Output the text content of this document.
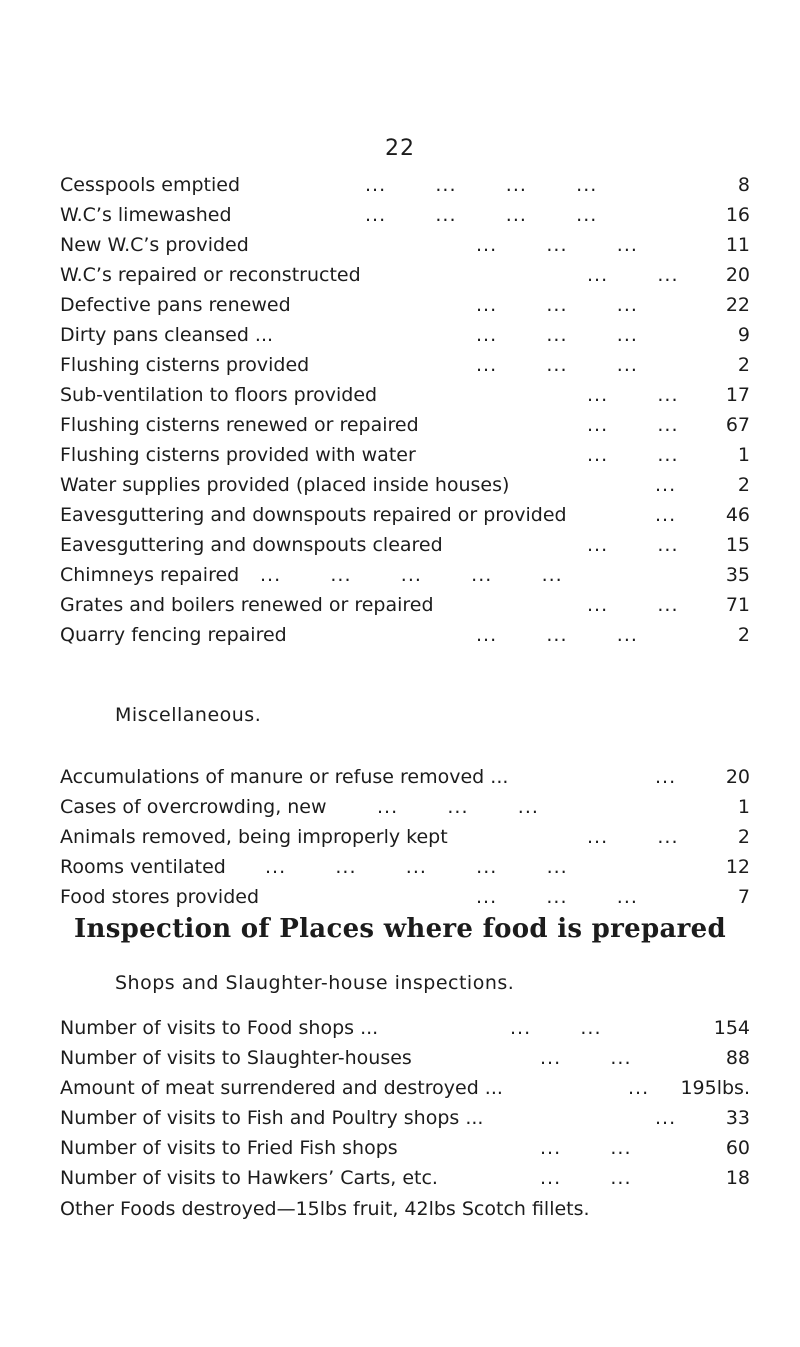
22
Cesspools emptied	...       ...       ...       ...	8
W.C’s limewashed	...       ...       ...       ...	16
New W.C’s provided	...       ...       ...	11
W.C’s repaired or reconstructed	...       ... 20
Defective pans renewed	...       ...       ...	22
Dirty pans cleansed ...	...       ...       ...	9
Flushing cisterns provided	...       ...       ...	2
Sub-ventilation to floors provided	...       ... 17
Flushing cisterns renewed or repaired	...       ... 67
Flushing cisterns provided with water	...       ...	1
Water supplies provided (placed inside houses)	...	2
Eavesguttering and downspouts repaired or provided	...	46
Eavesguttering and downspouts cleared	...       ... 15
Chimneys repaired ...       ...       ...       ...       ...	35
Grates and boilers renewed or repaired	...       ... 71
Quarry fencing repaired	...       ...       ...	2
Miscellaneous.
Accumulations of manure or refuse removed ...	...	20
Cases of overcrowding, new	...       ...       ...	1
Animals removed, being improperly kept	...       ...	2
Rooms ventilated ...       ...       ...       ...       ...	12
Food stores provided	...       ...       ...	7
Inspection of Places where food is prepared
Shops and Slaughter-house inspections.
Number of visits to Food shops ...	...       ...	154
Number of visits to Slaughter-houses	...       ...	88
Amount of meat surrendered and destroyed ...	... 195lbs.
Number of visits to Fish and Poultry shops ...	...	33
Number of visits to Fried Fish shops	...       ...	60
Number of visits to Hawkers’ Carts, etc.	...       ...	18
Other Foods destroyed—15lbs fruit, 42lbs Scotch fillets.
